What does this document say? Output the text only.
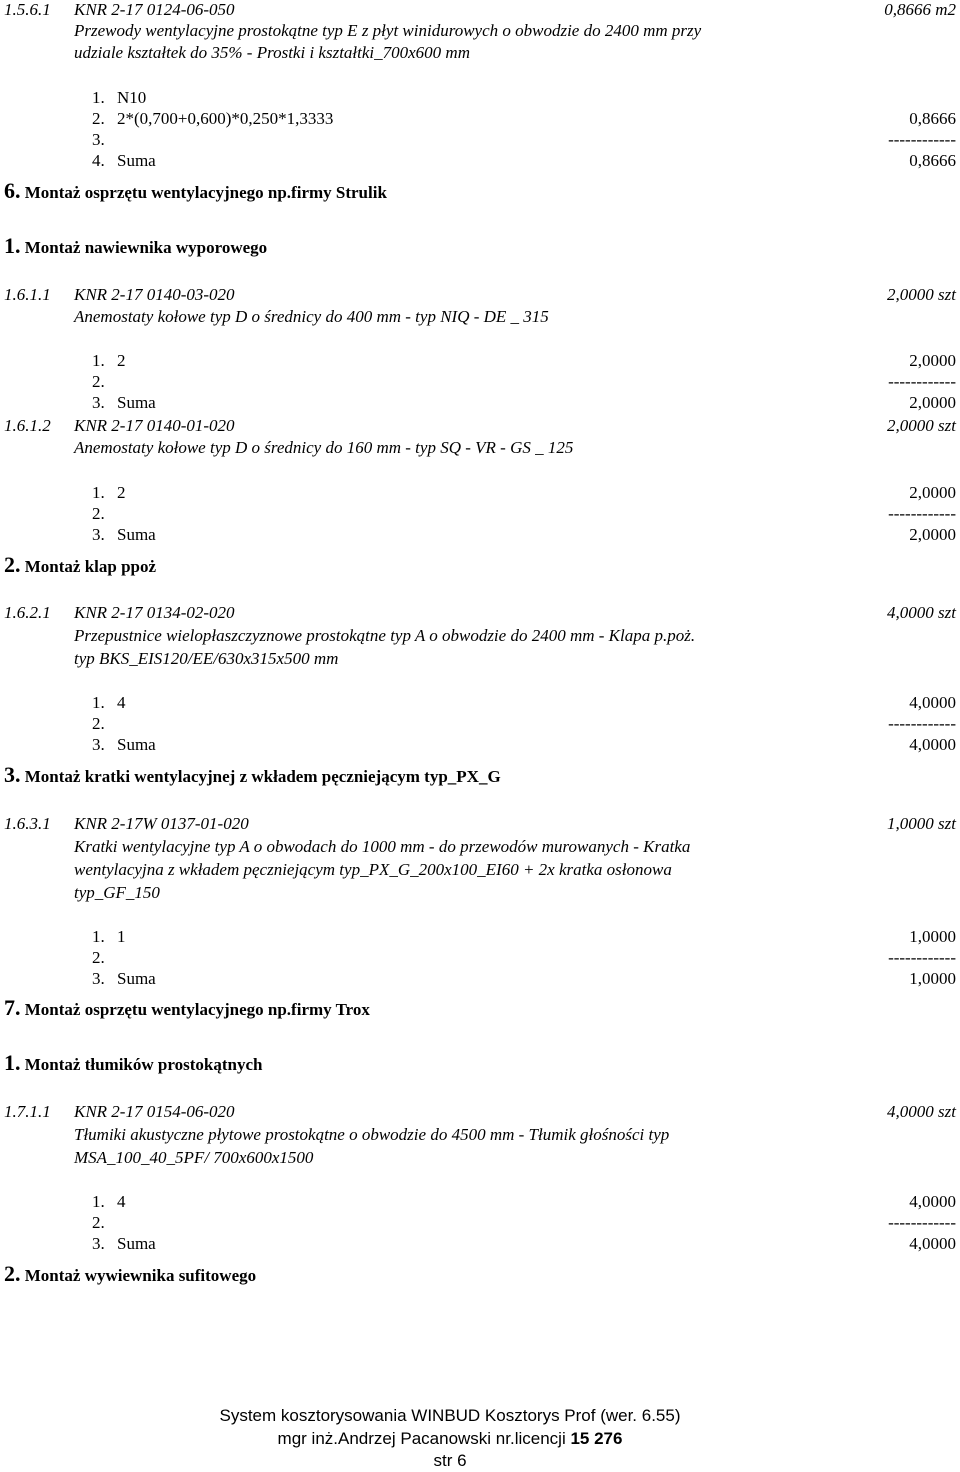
1.5.6.1 KNR 2-17 0124-06-050	0,8666 m2
Przewody wentylacyjne prostokątne typ E z płyt winidurowych o obwodzie do 2400 mm przy
udziale kształtek do 35% - Prostki i kształtki_700x600 mm
1. N10
2. 2*(0,700+0,600)*0,250*1,3333	0,8666
3.	------------
4. Suma	0,8666
6. Montaż osprzętu wentylacyjnego np.firmy Strulik
1. Montaż nawiewnika wyporowego
1.6.1.1 KNR 2-17 0140-03-020	2,0000 szt
Anemostaty kołowe typ D o średnicy do 400 mm - typ NIQ - DE _ 315
1. 2	2,0000
2.	------------
3. Suma	2,0000
1.6.1.2 KNR 2-17 0140-01-020	2,0000 szt
Anemostaty kołowe typ D o średnicy do 160 mm - typ SQ - VR - GS _ 125
1. 2	2,0000
2.	------------
3. Suma	2,0000
2. Montaż klap ppoż
1.6.2.1 KNR 2-17 0134-02-020	4,0000 szt
Przepustnice wielopłaszczyznowe prostokątne typ A o obwodzie do 2400 mm - Klapa p.poż.
typ BKS_EIS120/EE/630x315x500 mm
1. 4	4,0000
2.	------------
3. Suma	4,0000
3. Montaż kratki wentylacyjnej z wkładem pęczniejącym typ_PX_G
1.6.3.1 KNR 2-17W 0137-01-020	1,0000 szt
Kratki wentylacyjne typ A o obwodach do 1000 mm - do przewodów murowanych - Kratka
wentylacyjna z wkładem pęczniejącym typ_PX_G_200x100_EI60 + 2x kratka osłonowa
typ_GF_150
1. 1	1,0000
2.	------------
3. Suma	1,0000
7. Montaż osprzętu wentylacyjnego np.firmy Trox
1. Montaż tłumików prostokątnych
1.7.1.1 KNR 2-17 0154-06-020	4,0000 szt
Tłumiki akustyczne płytowe prostokątne o obwodzie do 4500 mm - Tłumik głośności typ
MSA_100_40_5PF/ 700x600x1500
1. 4	4,0000
2.	------------
3. Suma	4,0000
2. Montaż wywiewnika sufitowego
System kosztorysowania WINBUD Kosztorys Prof (wer. 6.55)
mgr inż.Andrzej Pacanowski nr.licencji 15 276
str 6
